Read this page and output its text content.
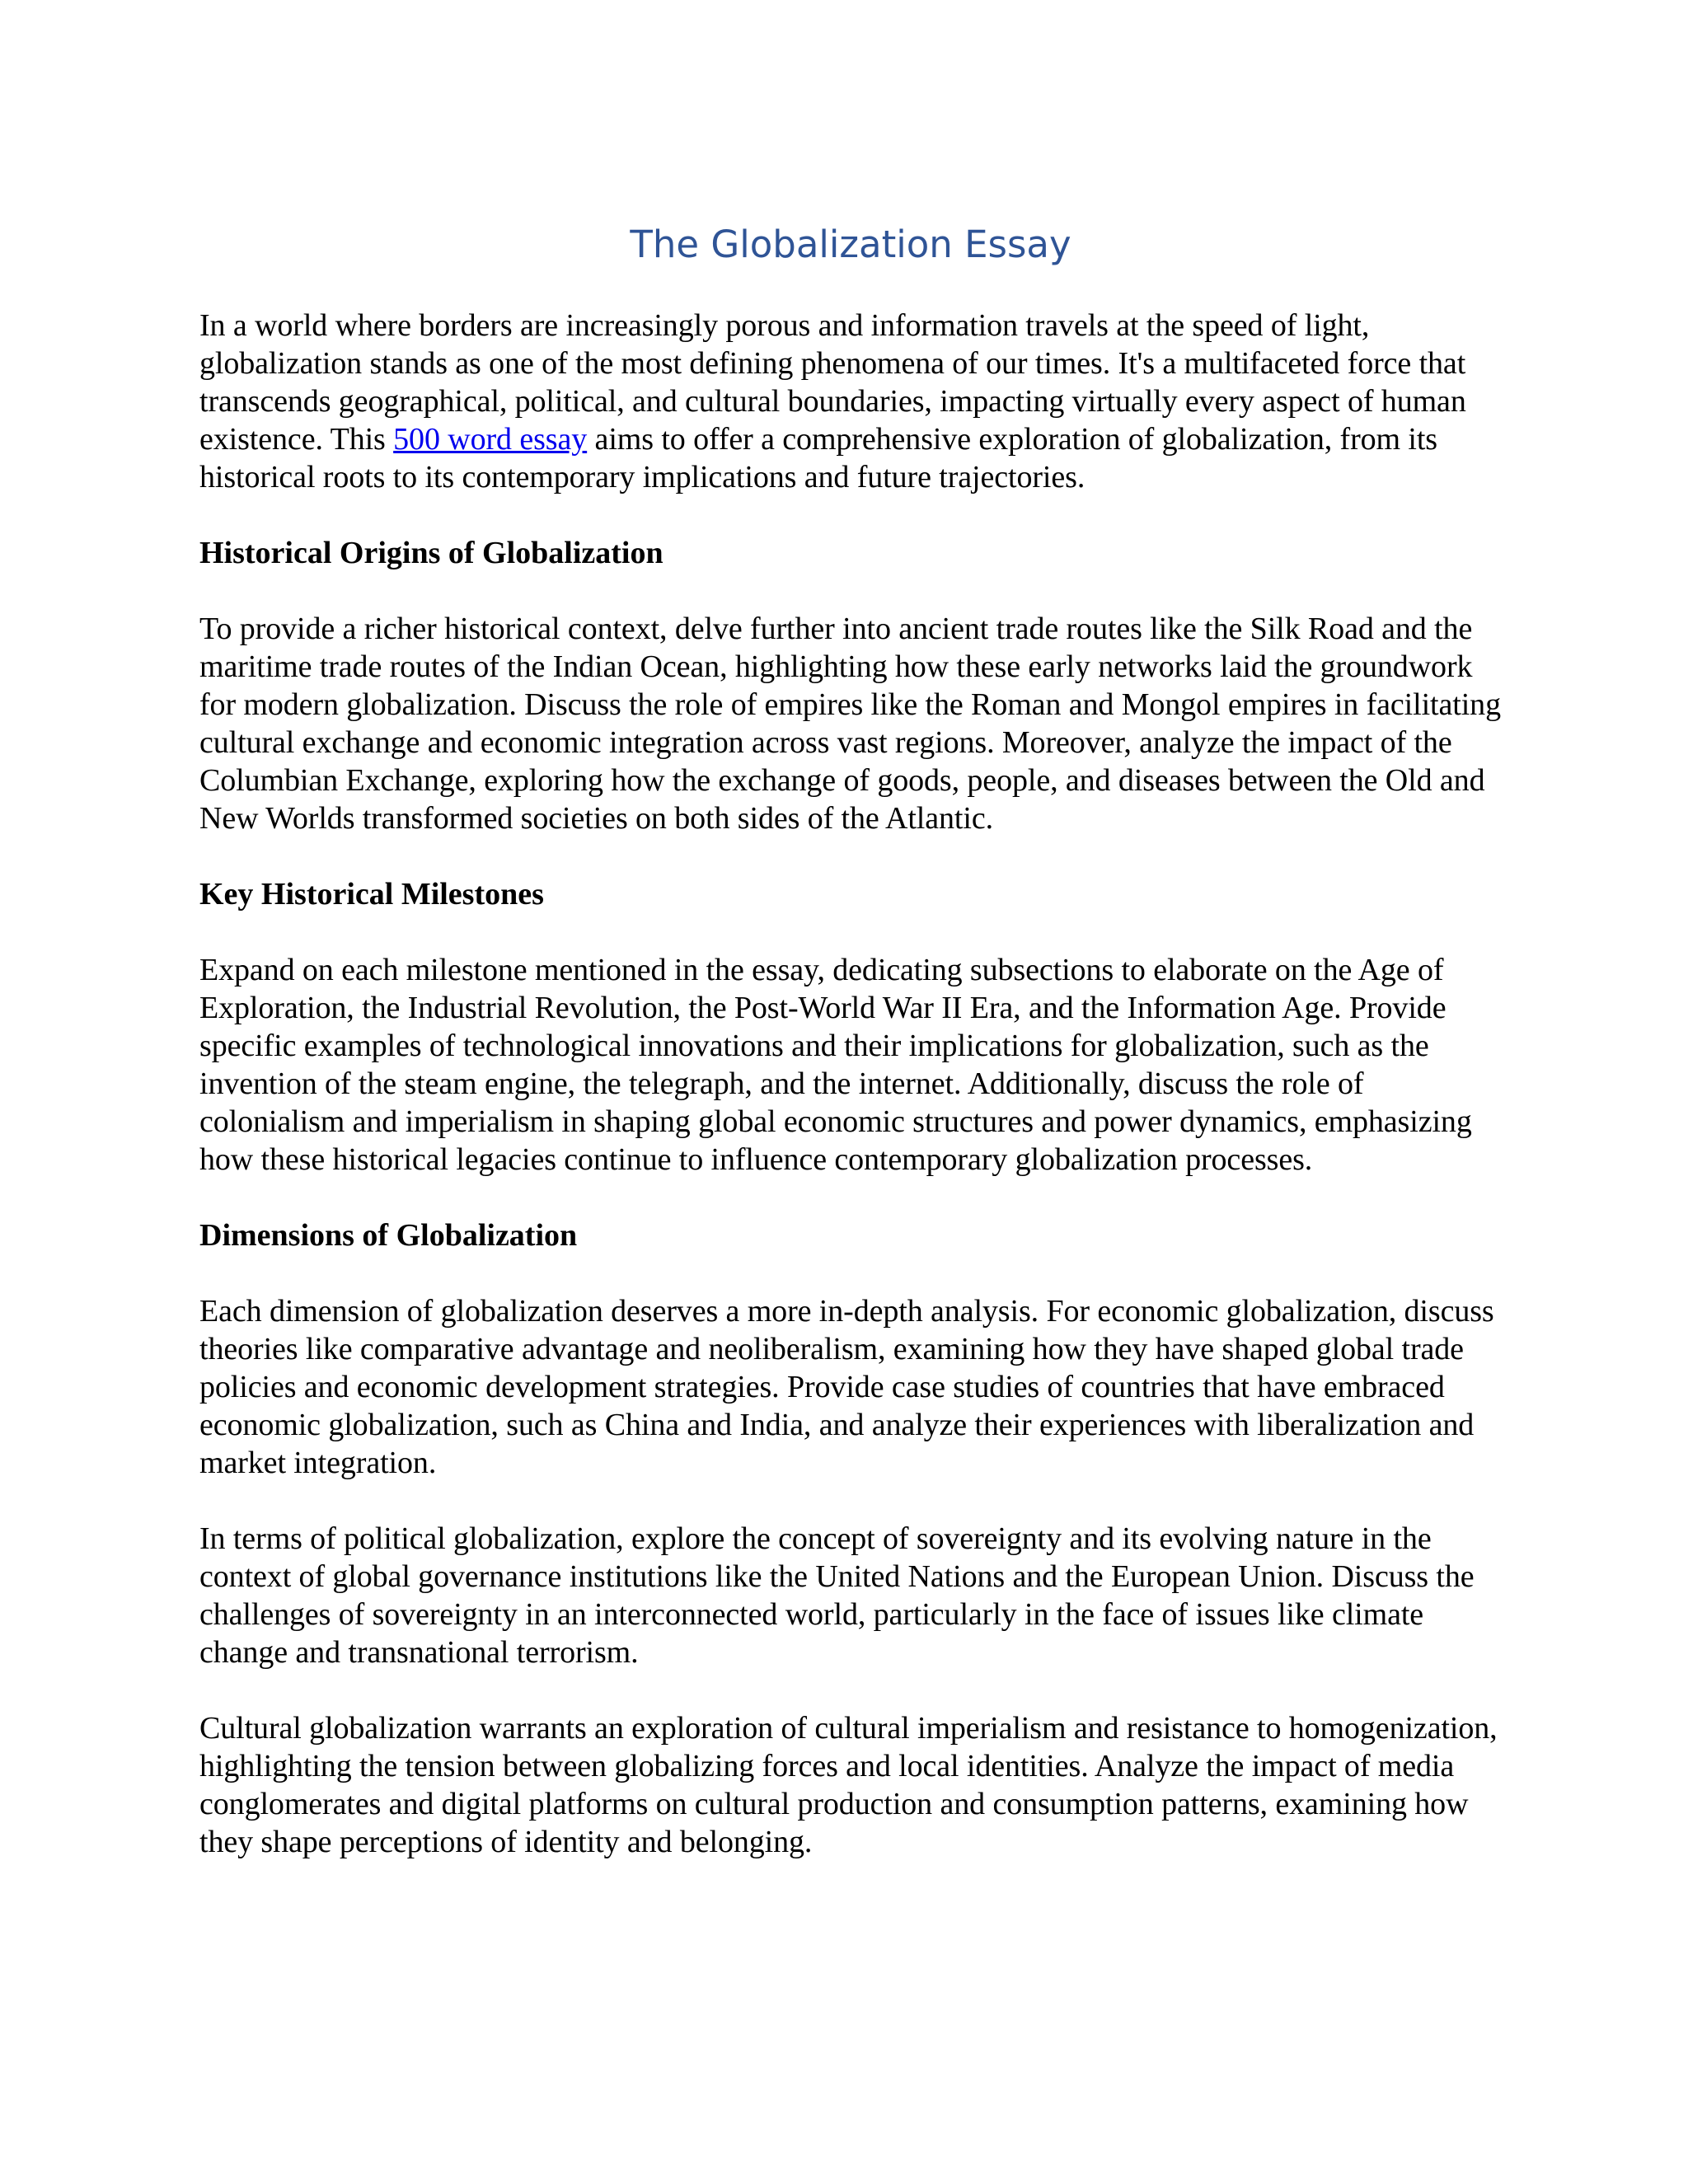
The Globalization Essay

In a world where borders are increasingly porous and information travels at the speed of light, globalization stands as one of the most defining phenomena of our times. It's a multifaceted force that transcends geographical, political, and cultural boundaries, impacting virtually every aspect of human existence. This 500 word essay aims to offer a comprehensive exploration of globalization, from its historical roots to its contemporary implications and future trajectories.

Historical Origins of Globalization

To provide a richer historical context, delve further into ancient trade routes like the Silk Road and the maritime trade routes of the Indian Ocean, highlighting how these early networks laid the groundwork for modern globalization. Discuss the role of empires like the Roman and Mongol empires in facilitating cultural exchange and economic integration across vast regions. Moreover, analyze the impact of the Columbian Exchange, exploring how the exchange of goods, people, and diseases between the Old and New Worlds transformed societies on both sides of the Atlantic.

Key Historical Milestones

Expand on each milestone mentioned in the essay, dedicating subsections to elaborate on the Age of Exploration, the Industrial Revolution, the Post-World War II Era, and the Information Age. Provide specific examples of technological innovations and their implications for globalization, such as the invention of the steam engine, the telegraph, and the internet. Additionally, discuss the role of colonialism and imperialism in shaping global economic structures and power dynamics, emphasizing how these historical legacies continue to influence contemporary globalization processes.

Dimensions of Globalization

Each dimension of globalization deserves a more in-depth analysis. For economic globalization, discuss theories like comparative advantage and neoliberalism, examining how they have shaped global trade policies and economic development strategies. Provide case studies of countries that have embraced economic globalization, such as China and India, and analyze their experiences with liberalization and market integration.

In terms of political globalization, explore the concept of sovereignty and its evolving nature in the context of global governance institutions like the United Nations and the European Union. Discuss the challenges of sovereignty in an interconnected world, particularly in the face of issues like climate change and transnational terrorism.

Cultural globalization warrants an exploration of cultural imperialism and resistance to homogenization, highlighting the tension between globalizing forces and local identities. Analyze the impact of media conglomerates and digital platforms on cultural production and consumption patterns, examining how they shape perceptions of identity and belonging.
